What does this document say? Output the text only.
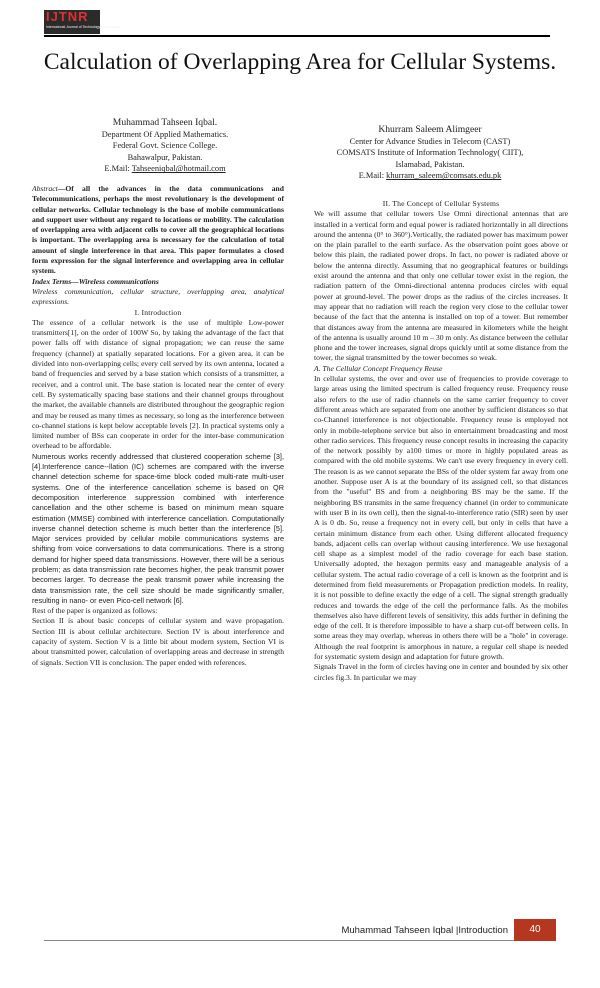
IJTNR
International Journal of Technology & Research
Calculation of Overlapping Area for Cellular Systems.
Muhammad Tahseen Iqbal.
Department Of Applied Mathematics.
Federal Govt. Science College.
Bahawalpur, Pakistan.
E.Mail: Tahseeniqbal@hotmail.com
Khurram Saleem Alimgeer
Center for Advance Studies in Telecom (CAST)
COMSATS Institute of Information Technology( CIIT),
Islamabad, Pakistan.
E.Mail: khurram_saleem@comsats.edu.pk

Abstract—Of all the advances in the data communications and Telecommunications, perhaps the most revolutionary is the development of cellular networks. Cellular technology is the base of mobile communications and support user without any regard to locations or mobility. The calculation of overlapping area with adjacent cells to cover all the geographical locations is important. The overlapping area is necessary for the calculation of total amount of single interference in that area. This paper formulates a closed form expression for the signal interference and overlapping area in cellular system.

Index Terms—Wireless communications

Wireless communication, cellular structure, overlapping area, analytical expressions.

I. Introduction

The essence of a cellular network is the use of multiple Low-power transmitters[1], on the order of 100W So, by taking the advantage of the fact that power falls off with distance of signal propagation; we can reuse the same frequency (channel) at spatially separated locations. For a given area, it can be divided into non-overlapping cells; every cell served by its own antenna, located a band of frequencies and served by a base station which consists of a transmitter, a receiver, and a control unit. The base station is located near the center of every cell. By systematically spacing base stations and their channel groups throughout the market, the available channels are distributed throughout the geographic region and may be reused as many times as necessary, so long as the interference between co-channel stations is kept below acceptable levels [2]. In practical systems only a limited number of BSs can cooperate in order for the inter-base communication overhead to be affordable.

Numerous works recently addressed that clustered cooperation scheme [3], [4].Interference cance--llation (IC) schemes are compared with the inverse channel detection scheme for space-time block coded multi-rate multi-user systems. One of the interference cancellation scheme is based on QR decomposition interference suppression combined with interference cancellation and the other scheme is based on minimum mean square estimation (MMSE) combined with interference cancellation. Computationally inverse channel detection scheme is much better than the interference [5]. Major services provided by cellular mobile communications systems are shifting from voice conversations to data communications. There is a strong demand for higher speed data transmissions. However, there will be a serious problem; as data transmission rate becomes higher, the peak transmit power becomes larger. To decrease the peak transmit power while increasing the data transmission rate, the cell size should be made significantly smaller, resulting in nano- or even Pico-cell network [6].

Rest of the paper is organized as follows:

Section II is about basic concepts of cellular system and wave propagation. Section III is about cellular architecture. Section IV is about interference and capacity of system. Section V is a little bit about modern system, Section VI is about transmitted power, calculation of overlapping areas and decrease in strength of signals. Section VII is conclusion. The paper ended with references.

II. The Concept of Cellular Systems

We will assume that cellular towers Use Omni directional antennas that are installed in a vertical form and equal power is radiated horizontally in all directions around the antenna (0° to 360°).Vertically, the radiated power has maximum power on the plain parallel to the earth surface. As the observation point goes above or below this plain, the radiated power drops. In fact, no power is radiated above or below the antenna directly. Assuming that no geographical features or buildings exist around the antenna and that only one cellular tower exist in the region, the radiation pattern of the Omni-directional antenna produces circles with equal power at ground-level. The power drops as the radius of the circles increases. It may appear that no radiation will reach the region very close to the cellular tower because of the fact that the antenna is installed on top of a tower. But remember that distances away from the antenna are measured in kilometers while the height of the antenna is usually around 10 m – 30 m only. As distance between the cellular phone and the tower increases, signal drops quickly until at some distance from the tower, the signal transmitted by the tower becomes so weak.

A. The Cellular Concept Frequency Reuse

In cellular systems, the over and over use of frequencies to provide coverage to large areas using the limited spectrum is called frequency reuse. Frequency reuse also refers to the use of radio channels on the same carrier frequency to cover different areas which are separated from one another by sufficient distances so that co-Channel interference is not objectionable. Frequency reuse is employed not only in mobile-telephone service but also in entertainment broadcasting and most other radio services. This frequency reuse concept results in increasing the capacity of the network possibly by a100 times or more in highly populated areas as compared with the old mobile systems. We can't use every frequency in every cell. The reason is as we cannot separate the BSs of the older system far away from one another. Suppose user A is at the boundary of its assigned cell, so that distances from the "useful" BS and from a neighboring BS may be the same. If the neighboring BS transmits in the same frequency channel (in order to communicate with user B in its own cell), then the signal-to-interference ratio (SIR) seen by user A is 0 db. So, reuse a frequency not in every cell, but only in cells that have a certain minimum distance from each other. Using different allocated frequency bands, adjacent cells can overlap without causing interference. We use hexagonal cell shape as a simplest model of the radio coverage for each base station. Universally adopted, the hexagon permits easy and manageable analysis of a cellular system. The actual radio coverage of a cell is known as the footprint and is determined from field measurements or Propagation prediction models. In reality, it is not possible to define exactly the edge of a cell. The signal strength gradually reduces and towards the edge of the cell the performance falls. As the mobiles themselves also have different levels of sensitivity, this adds further in defining the edge of the cell. It is therefore impossible to have a sharp cut-off between cells. In some areas they may overlap, whereas in others there will be a "hole" in coverage. Although the real footprint is amorphous in nature, a regular cell shape is needed for systematic system design and adaptation for future growth.

Signals Travel in the form of circles having one in center and bounded by six other circles fig.3. In particular we may

Muhammad Tahseen Iqbal |Introduction	40
